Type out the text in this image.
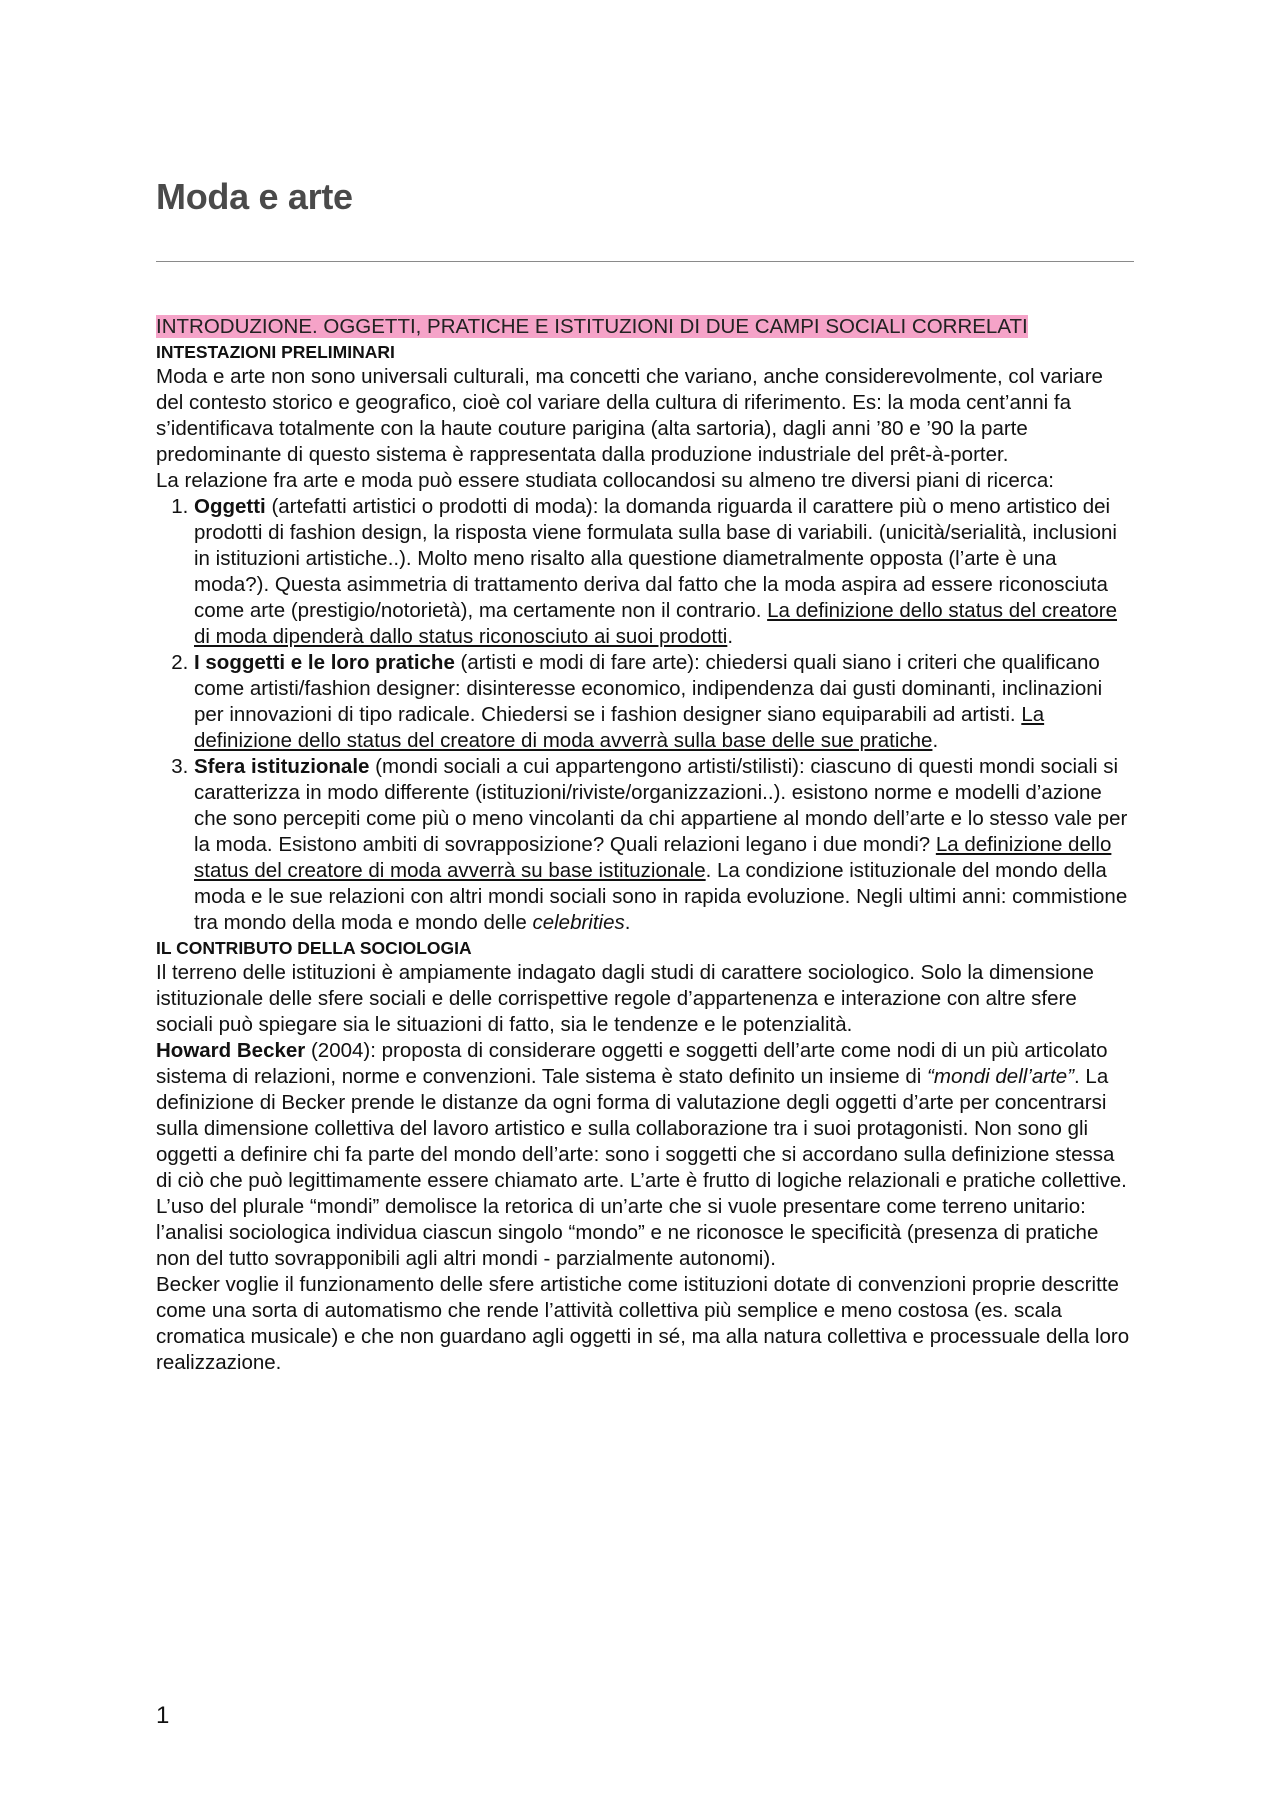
Moda e arte

INTRODUZIONE. OGGETTI, PRATICHE E ISTITUZIONI DI DUE CAMPI SOCIALI CORRELATI

INTESTAZIONI PRELIMINARI

Moda e arte non sono universali culturali, ma concetti che variano, anche considerevolmente, col variare del contesto storico e geografico, cioè col variare della cultura di riferimento. Es: la moda cent’anni fa s’identificava totalmente con la haute couture parigina (alta sartoria), dagli anni ’80 e ’90 la parte predominante di questo sistema è rappresentata dalla produzione industriale del prêt-à-porter.

La relazione fra arte e moda può essere studiata collocandosi su almeno tre diversi piani di ricerca:

1. Oggetti (artefatti artistici o prodotti di moda): la domanda riguarda il carattere più o meno artistico dei prodotti di fashion design, la risposta viene formulata sulla base di variabili. (unicità/serialità, inclusioni in istituzioni artistiche..). Molto meno risalto alla questione diametralmente opposta (l’arte è una moda?). Questa asimmetria di trattamento deriva dal fatto che la moda aspira ad essere riconosciuta come arte (prestigio/notorietà), ma certamente non il contrario. La definizione dello status del creatore di moda dipenderà dallo status riconosciuto ai suoi prodotti.
2. I soggetti e le loro pratiche (artisti e modi di fare arte): chiedersi quali siano i criteri che qualificano come artisti/fashion designer: disinteresse economico, indipendenza dai gusti dominanti, inclinazioni per innovazioni di tipo radicale. Chiedersi se i fashion designer siano equiparabili ad artisti. La definizione dello status del creatore di moda avverrà sulla base delle sue pratiche.
3. Sfera istituzionale (mondi sociali a cui appartengono artisti/stilisti): ciascuno di questi mondi sociali si caratterizza in modo differente (istituzioni/riviste/organizzazioni..). esistono norme e modelli d’azione che sono percepiti come più o meno vincolanti da chi appartiene al mondo dell’arte e lo stesso vale per la moda. Esistono ambiti di sovrapposizione? Quali relazioni legano i due mondi? La definizione dello status del creatore di moda avverrà su base istituzionale. La condizione istituzionale del mondo della moda e le sue relazioni con altri mondi sociali sono in rapida evoluzione. Negli ultimi anni: commistione tra mondo della moda e mondo delle celebrities.

IL CONTRIBUTO DELLA SOCIOLOGIA

Il terreno delle istituzioni è ampiamente indagato dagli studi di carattere sociologico. Solo la dimensione istituzionale delle sfere sociali e delle corrispettive regole d’appartenenza e interazione con altre sfere sociali può spiegare sia le situazioni di fatto, sia le tendenze e le potenzialità.

Howard Becker (2004): proposta di considerare oggetti e soggetti dell’arte come nodi di un più articolato sistema di relazioni, norme e convenzioni. Tale sistema è stato definito un insieme di “mondi dell’arte”. La definizione di Becker prende le distanze da ogni forma di valutazione degli oggetti d’arte per concentrarsi sulla dimensione collettiva del lavoro artistico e sulla collaborazione tra i suoi protagonisti. Non sono gli oggetti a definire chi fa parte del mondo dell’arte: sono i soggetti che si accordano sulla definizione stessa di ciò che può legittimamente essere chiamato arte. L’arte è frutto di logiche relazionali e pratiche collettive.

L’uso del plurale “mondi” demolisce la retorica di un’arte che si vuole presentare come terreno unitario: l’analisi sociologica individua ciascun singolo “mondo” e ne riconosce le specificità (presenza di pratiche non del tutto sovrapponibili agli altri mondi - parzialmente autonomi).

Becker voglie il funzionamento delle sfere artistiche come istituzioni dotate di convenzioni proprie descritte come una sorta di automatismo che rende l’attività collettiva più semplice e meno costosa (es. scala cromatica musicale) e che non guardano agli oggetti in sé, ma alla natura collettiva e processuale della loro realizzazione.

1
